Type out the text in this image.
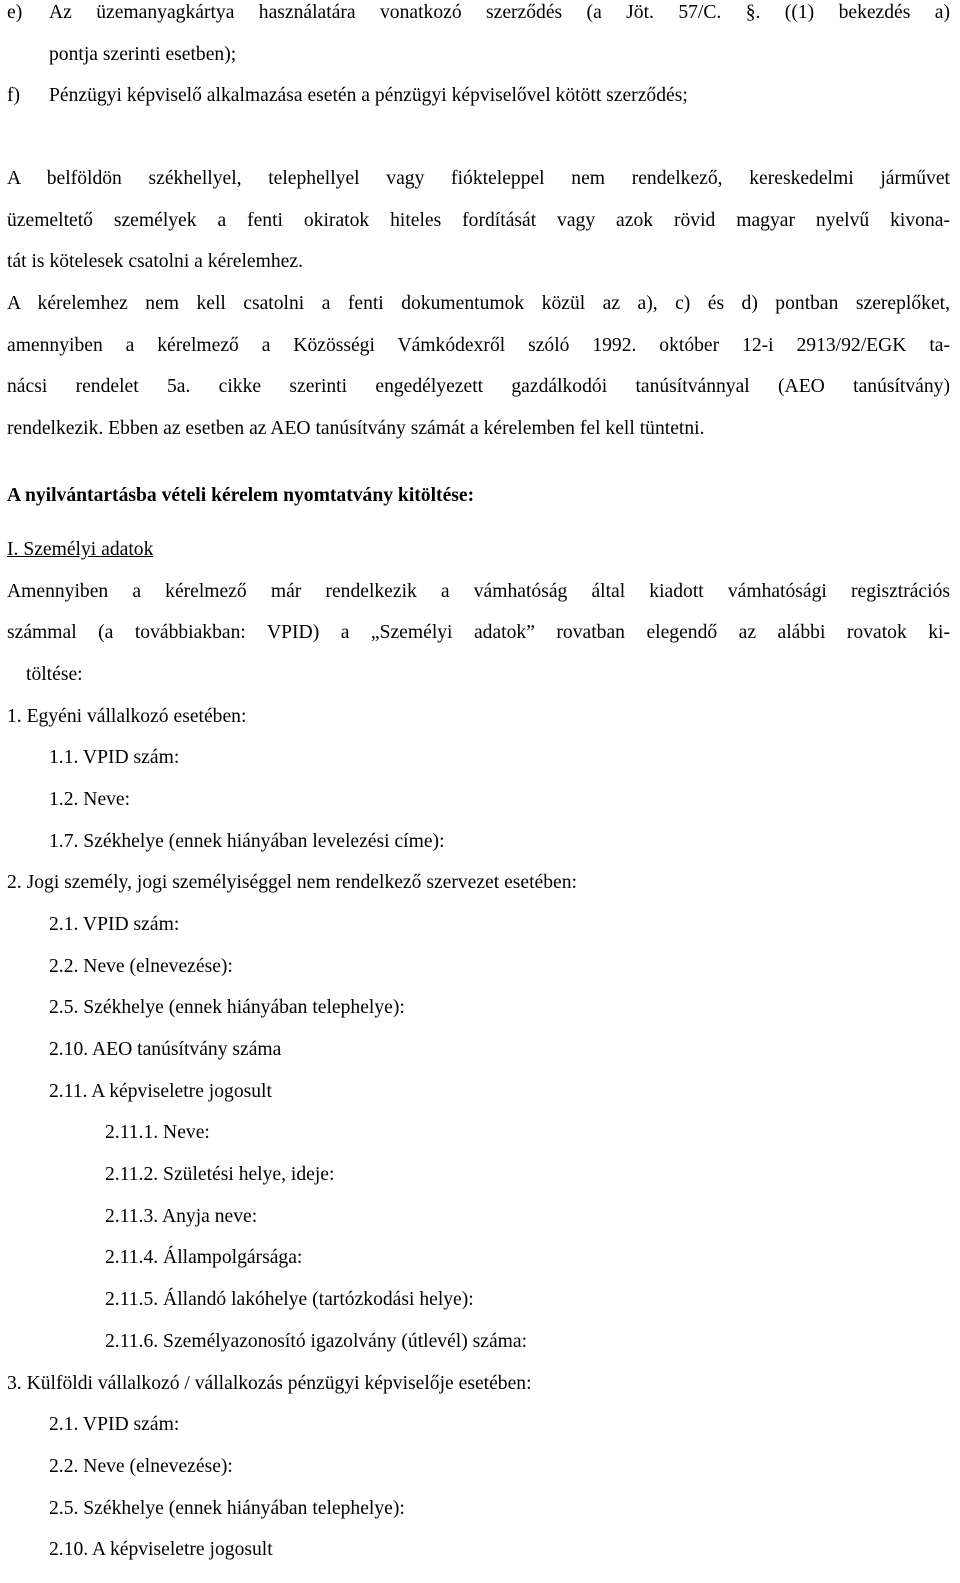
e) Az üzemanyagkártya használatára vonatkozó szerződés (a Jöt. 57/C. §. ((1) bekezdés a)
pontja szerinti esetben);
f) Pénzügyi képviselő alkalmazása esetén a pénzügyi képviselővel kötött szerződés;
A belföldön székhellyel, telephellyel vagy fiókteleppel nem rendelkező, kereskedelmi járművet
üzemeltető személyek a fenti okiratok hiteles fordítását vagy azok rövid magyar nyelvű kivona-
tát is kötelesek csatolni a kérelemhez.
A kérelemhez nem kell csatolni a fenti dokumentumok közül az a), c) és d) pontban szereplőket,
amennyiben a kérelmező a Közösségi Vámkódexről szóló 1992. október 12-i 2913/92/EGK ta-
nácsi rendelet 5a. cikke szerinti engedélyezett gazdálkodói tanúsítvánnyal (AEO tanúsítvány)
rendelkezik. Ebben az esetben az AEO tanúsítvány számát a kérelemben fel kell tüntetni.
A nyilvántartásba vételi kérelem nyomtatvány kitöltése:
I. Személyi adatok
Amennyiben a kérelmező már rendelkezik a vámhatóság által kiadott vámhatósági regisztrációs
számmal (a továbbiakban: VPID) a „Személyi adatok” rovatban elegendő az alábbi rovatok ki-
töltése:
1. Egyéni vállalkozó esetében:
1.1. VPID szám:
1.2. Neve:
1.7. Székhelye (ennek hiányában levelezési címe):
2. Jogi személy, jogi személyiséggel nem rendelkező szervezet esetében:
2.1. VPID szám:
2.2. Neve (elnevezése):
2.5. Székhelye (ennek hiányában telephelye):
2.10. AEO tanúsítvány száma
2.11. A képviseletre jogosult
2.11.1. Neve:
2.11.2. Születési helye, ideje:
2.11.3. Anyja neve:
2.11.4. Állampolgársága:
2.11.5. Állandó lakóhelye (tartózkodási helye):
2.11.6. Személyazonosító igazolvány (útlevél) száma:
3. Külföldi vállalkozó / vállalkozás pénzügyi képviselője esetében:
2.1. VPID szám:
2.2. Neve (elnevezése):
2.5. Székhelye (ennek hiányában telephelye):
2.10. A képviseletre jogosult
